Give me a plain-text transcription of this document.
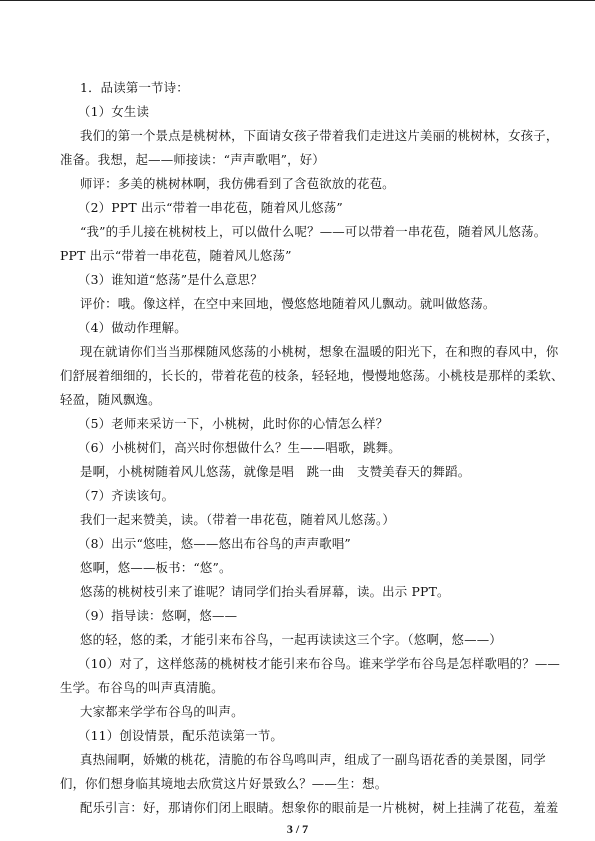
1．品读第一节诗：
（1）女生读
我们的第一个景点是桃树林，下面请女孩子带着我们走进这片美丽的桃树林，女孩子，
准备。我想，起——师接读：“声声歌唱”，好）
师评：多美的桃树林啊，我仿佛看到了含苞欲放的花苞。
（2）PPT 出示“带着一串花苞，随着风儿悠荡”
“我”的手儿接在桃树枝上，可以做什么呢？——可以带着一串花苞，随着风儿悠荡。
PPT 出示“带着一串花苞，随着风儿悠荡”
（3）谁知道“悠荡”是什么意思？
评价：哦。像这样，在空中来回地，慢悠悠地随着风儿飘动。就叫做悠荡。
（4）做动作理解。
现在就请你们当当那棵随风悠荡的小桃树，想象在温暖的阳光下，在和煦的春风中，你
们舒展着细细的，长长的，带着花苞的枝条，轻轻地，慢慢地悠荡。小桃枝是那样的柔软、
轻盈，随风飘逸。
（5）老师来采访一下，小桃树，此时你的心情怎么样？
（6）小桃树们，高兴时你想做什么？生——唱歌，跳舞。
是啊，小桃树随着风儿悠荡，就像是唱　跳一曲　支赞美春天的舞蹈。
（7）齐读该句。
我们一起来赞美，读。（带着一串花苞，随着风儿悠荡。）
（8）出示“悠哇，悠——悠出布谷鸟的声声歌唱”
悠啊，悠——板书：“悠”。
悠荡的桃树枝引来了谁呢？请同学们抬头看屏幕，读。出示 PPT。
（9）指导读：悠啊，悠——
悠的轻，悠的柔，才能引来布谷鸟，一起再读读这三个字。（悠啊，悠——）
（10）对了，这样悠荡的桃树枝才能引来布谷鸟。谁来学学布谷鸟是怎样歌唱的？——
生学。布谷鸟的叫声真清脆。
大家都来学学布谷鸟的叫声。
（11）创设情景，配乐范读第一节。
真热闹啊，娇嫩的桃花，清脆的布谷鸟鸣叫声，组成了一副鸟语花香的美景图，同学
们，你们想身临其境地去欣赏这片好景致么？——生：想。
配乐引言：好，那请你们闭上眼睛。想象你的眼前是一片桃树，树上挂满了花苞，羞羞
3 / 7
